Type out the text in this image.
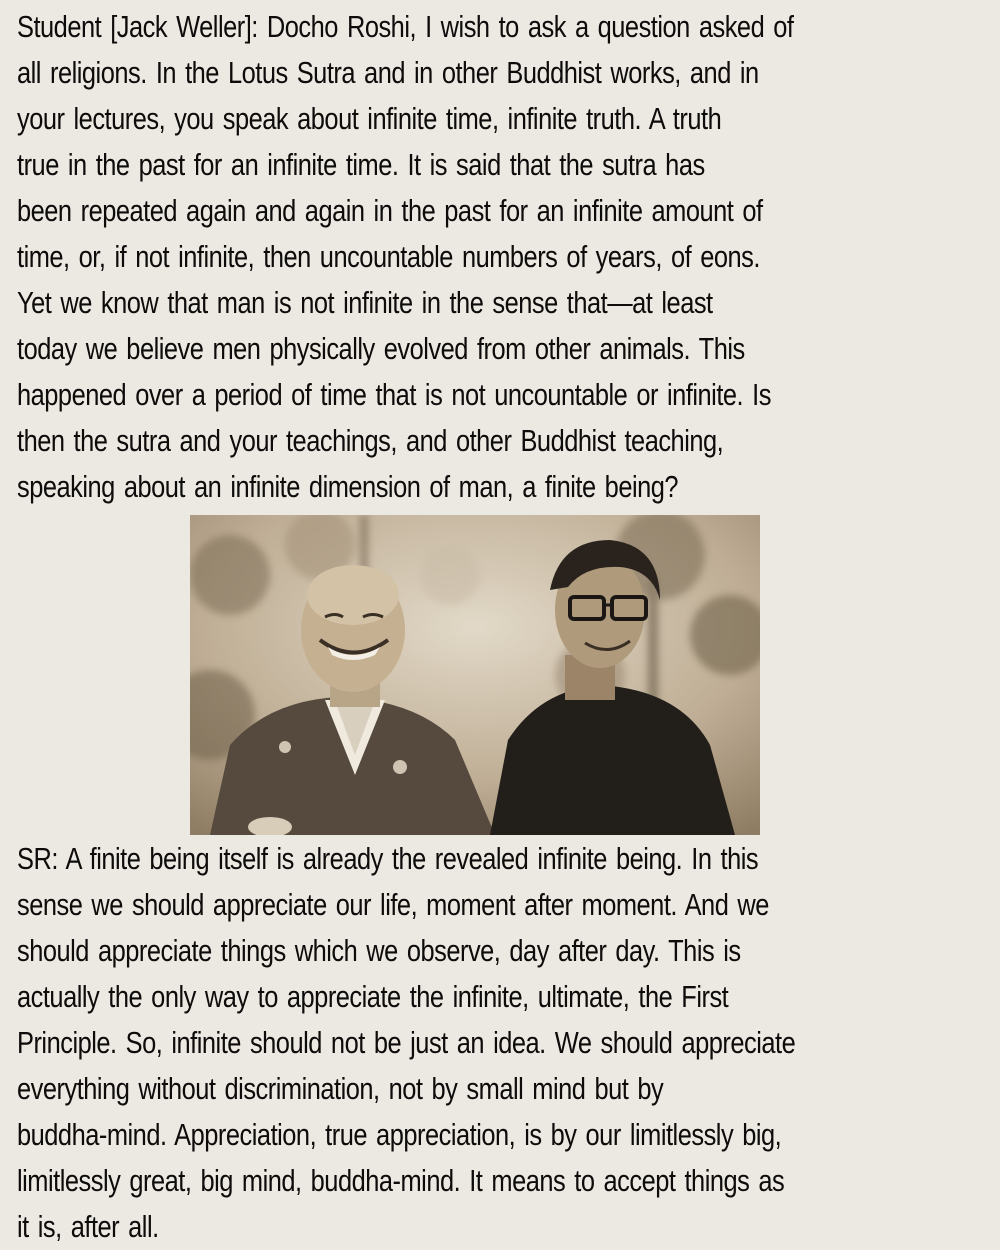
Student [Jack Weller]: Docho Roshi, I wish to ask a question asked of
all religions. In the Lotus Sutra and in other Buddhist works, and in
your lectures, you speak about infinite time, infinite truth. A truth
true in the past for an infinite time. It is said that the sutra has
been repeated again and again in the past for an infinite amount of
time, or, if not infinite, then uncountable numbers of years, of eons.
Yet we know that man is not infinite in the sense that—at least
today we believe men physically evolved from other animals. This
happened over a period of time that is not uncountable or infinite. Is
then the sutra and your teachings, and other Buddhist teaching,
speaking about an infinite dimension of man, a finite being?

SR: A finite being itself is already the revealed infinite being. In this
sense we should appreciate our life, moment after moment. And we
should appreciate things which we observe, day after day. This is
actually the only way to appreciate the infinite, ultimate, the First
Principle. So, infinite should not be just an idea. We should appreciate
everything without discrimination, not by small mind but by
buddha-mind. Appreciation, true appreciation, is by our limitlessly big,
limitlessly great, big mind, buddha-mind. It means to accept things as
it is, after all.
